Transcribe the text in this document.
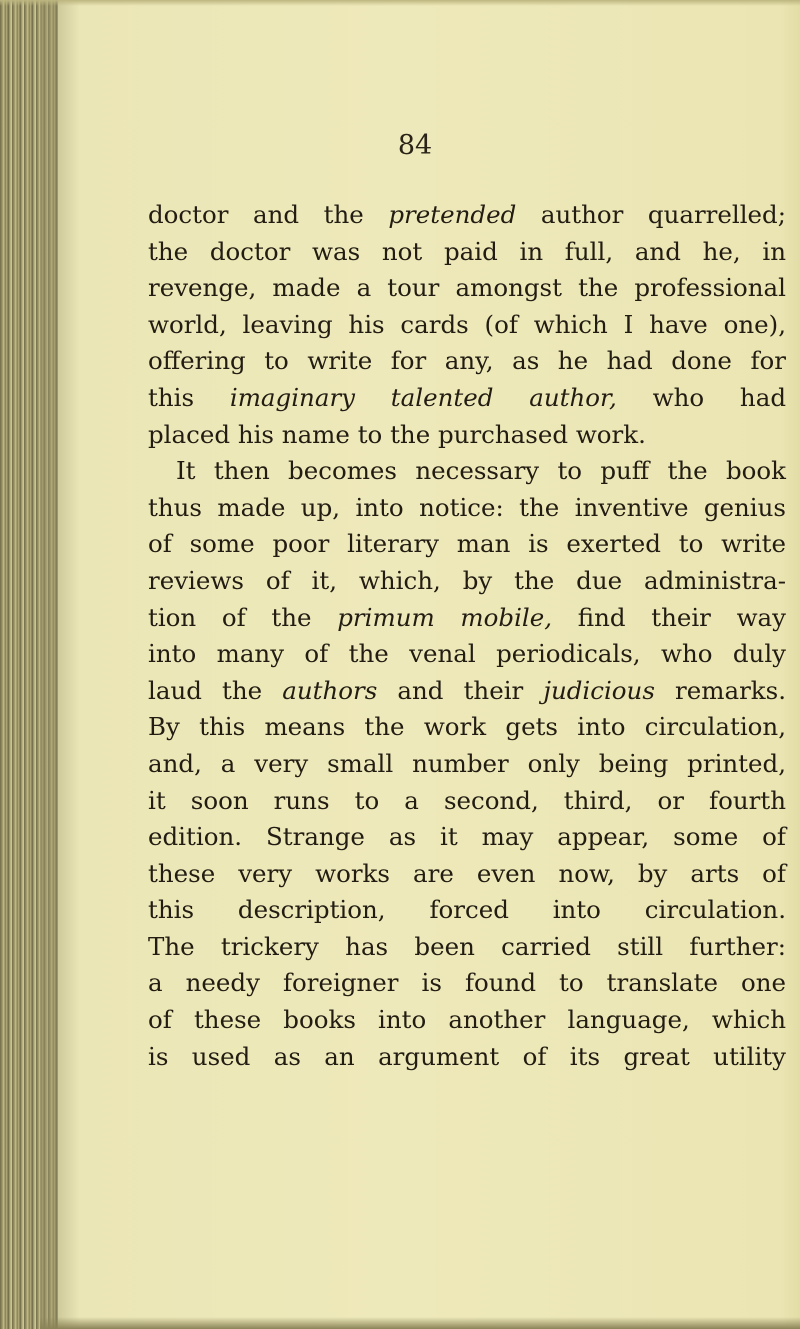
84
doctor and the pretended author quarrelled;
the doctor was not paid in full, and he, in
revenge, made a tour amongst the professional
world, leaving his cards (of which I have one),
offering to write for any, as he had done for
this imaginary talented author, who had
placed his name to the purchased work.
It then becomes necessary to puff the book
thus made up, into notice: the inventive genius
of some poor literary man is exerted to write
reviews of it, which, by the due administra-
tion of the primum mobile, find their way
into many of the venal periodicals, who duly
laud the authors and their judicious remarks.
By this means the work gets into circulation,
and, a very small number only being printed,
it soon runs to a second, third, or fourth
edition. Strange as it may appear, some of
these very works are even now, by arts of
this description, forced into circulation.
The trickery has been carried still further:
a needy foreigner is found to translate one
of these books into another language, which
is used as an argument of its great utility
